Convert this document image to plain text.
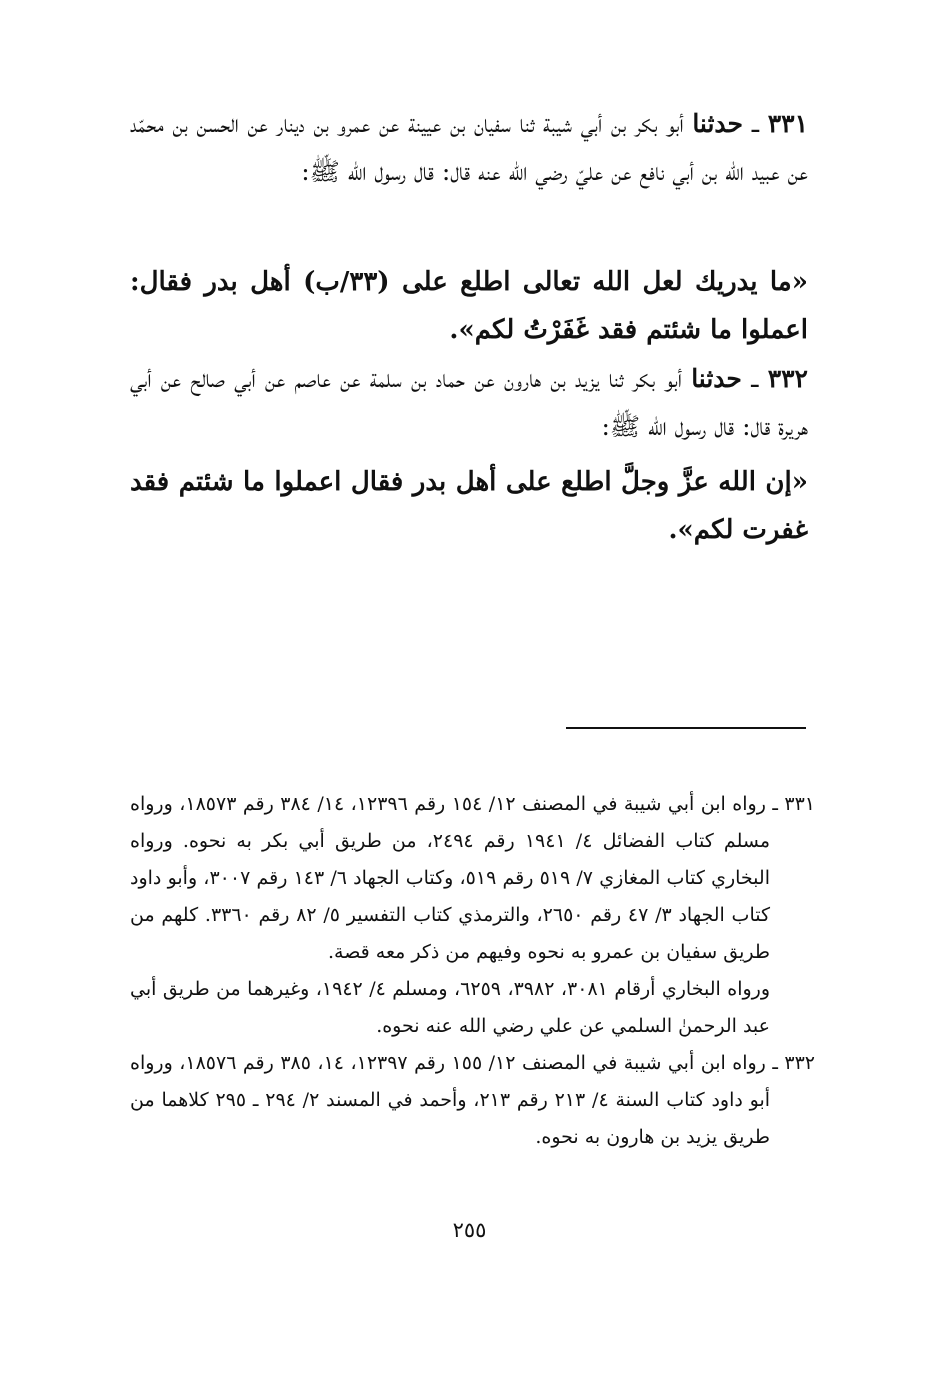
٣٣١ ـ حدثنا أبو بكر بن أبي شيبة ثنا سفيان بن عيينة عن عمرو بن دينار عن الحسن بن محمّد عن عبيد الله بن أبي نافع عن عليّ رضي الله عنه قال: قال رسول الله ﷺ:
«ما يدريك لعل الله تعالى اطلع على (٣٣/ب) أهل بدر فقال: اعملوا ما شئتم فقد غَفَرْتُ لكم».
٣٣٢ ـ حدثنا أبو بكر ثنا يزيد بن هارون عن حماد بن سلمة عن عاصم عن أبي صالح عن أبي هريرة قال: قال رسول الله ﷺ:
«إن الله عزَّ وجلَّ اطلع على أهل بدر فقال اعملوا ما شئتم فقد غفرت لكم».
٣٣١ ـ رواه ابن أبي شيبة في المصنف ١٢/ ١٥٤ رقم ١٢٣٩٦، ١٤/ ٣٨٤ رقم ١٨٥٧٣، ورواه مسلم كتاب الفضائل ٤/ ١٩٤١ رقم ٢٤٩٤، من طريق أبي بكر به نحوه. ورواه البخاري كتاب المغازي ٧/ ٥١٩ رقم ٥١٩، وكتاب الجهاد ٦/ ١٤٣ رقم ٣٠٠٧، وأبو داود كتاب الجهاد ٣/ ٤٧ رقم ٢٦٥٠، والترمذي كتاب التفسير ٥/ ٨٢ رقم ٣٣٦٠. كلهم من طريق سفيان بن عمرو به نحوه وفيهم من ذكر معه قصة.
ورواه البخاري أرقام ٣٠٨١، ٣٩٨٢، ٦٢٥٩، ومسلم ٤/ ١٩٤٢، وغيرهما من طريق أبي عبد الرحمنٰ السلمي عن علي رضي الله عنه نحوه.
٣٣٢ ـ رواه ابن أبي شيبة في المصنف ١٢/ ١٥٥ رقم ١٢٣٩٧، ١٤، ٣٨٥ رقم ١٨٥٧٦، ورواه أبو داود كتاب السنة ٤/ ٢١٣ رقم ٢١٣، وأحمد في المسند ٢/ ٢٩٤ ـ ٢٩٥ كلاهما من طريق يزيد بن هارون به نحوه.
٢٥٥
